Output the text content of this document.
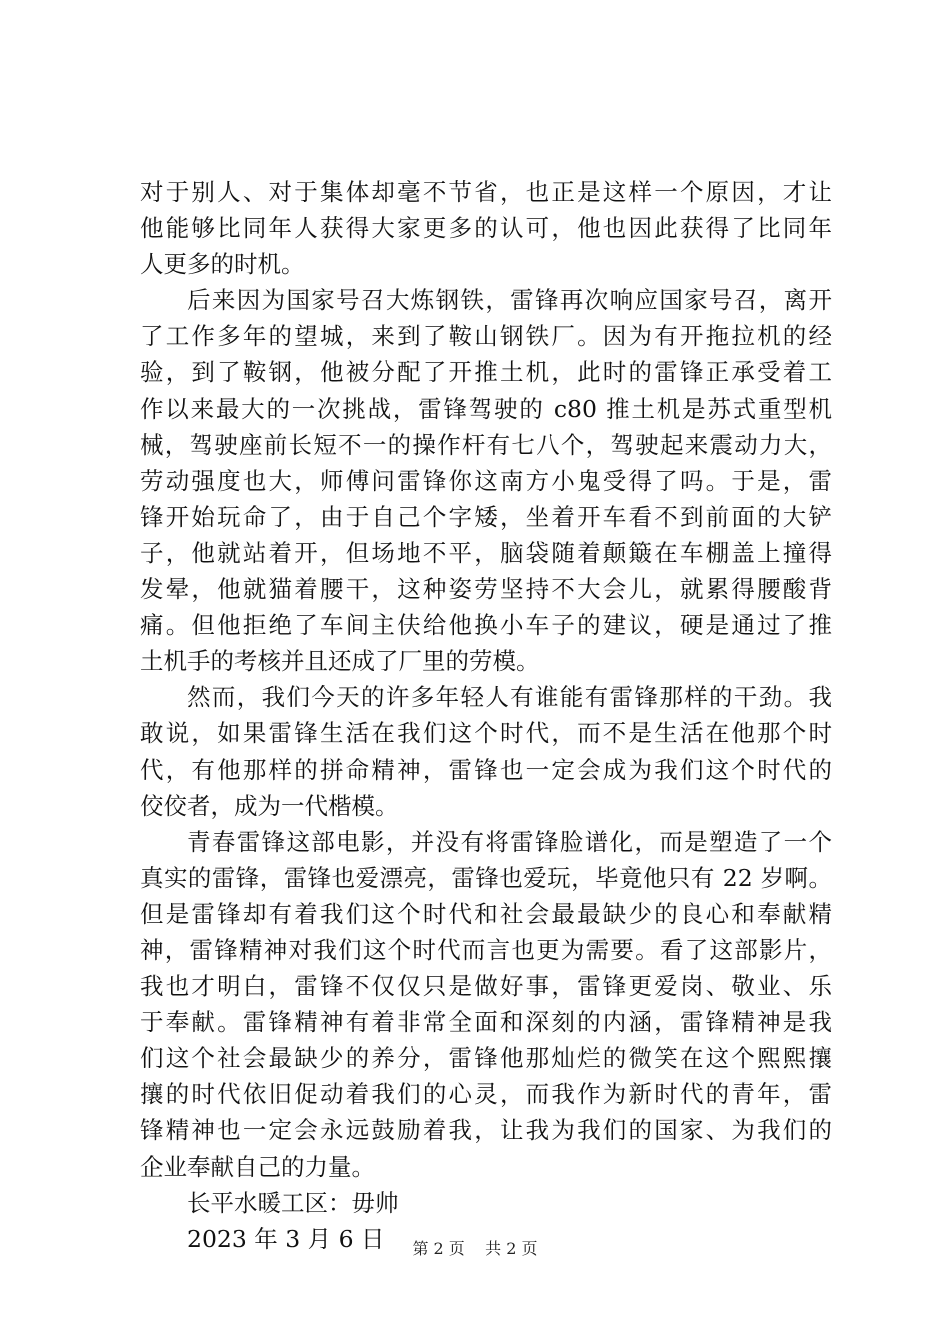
对于别人、对于集体却毫不节省，也正是这样一个原因，才让
他能够比同年人获得大家更多的认可，他也因此获得了比同年
人更多的时机。
后来因为国家号召大炼钢铁，雷锋再次响应国家号召，离开
了工作多年的望城，来到了鞍山钢铁厂。因为有开拖拉机的经
验，到了鞍钢，他被分配了开推土机，此时的雷锋正承受着工
作以来最大的一次挑战，雷锋驾驶的 c80 推土机是苏式重型机
械，驾驶座前长短不一的操作杆有七八个，驾驶起来震动力大，
劳动强度也大，师傅问雷锋你这南方小鬼受得了吗。于是，雷
锋开始玩命了，由于自己个字矮，坐着开车看不到前面的大铲
子，他就站着开，但场地不平，脑袋随着颠簸在车棚盖上撞得
发晕，他就猫着腰干，这种姿劳坚持不大会儿，就累得腰酸背
痛。但他拒绝了车间主伕给他换小车子的建议，硬是通过了推
土机手的考核并且还成了厂里的劳模。
然而，我们今天的许多年轻人有谁能有雷锋那样的干劲。我
敢说，如果雷锋生活在我们这个时代，而不是生活在他那个时
代，有他那样的拼命精神，雷锋也一定会成为我们这个时代的
佼佼者，成为一代楷模。
青春雷锋这部电影，并没有将雷锋脸谱化，而是塑造了一个
真实的雷锋，雷锋也爱漂亮，雷锋也爱玩，毕竟他只有 22 岁啊。
但是雷锋却有着我们这个时代和社会最最缺少的良心和奉献精
神，雷锋精神对我们这个时代而言也更为需要。看了这部影片，
我也才明白，雷锋不仅仅只是做好事，雷锋更爱岗、敬业、乐
于奉献。雷锋精神有着非常全面和深刻的内涵，雷锋精神是我
们这个社会最缺少的养分，雷锋他那灿烂的微笑在这个熙熙攘
攘的时代依旧促动着我们的心灵，而我作为新时代的青年，雷
锋精神也一定会永远鼓励着我，让我为我们的国家、为我们的
企业奉献自己的力量。
长平水暖工区：毋帅
2023 年 3 月 6 日	第 2 页 共 2 页
